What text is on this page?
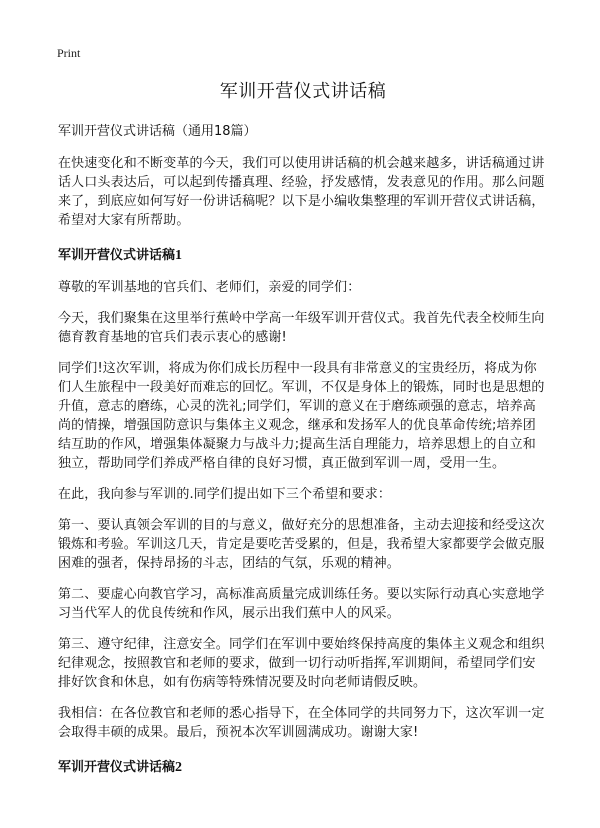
Print
军训开营仪式讲话稿
军训开营仪式讲话稿（通用18篇）

在快速变化和不断变革的今天，我们可以使用讲话稿的机会越来越多，讲话稿通过讲话人口头表达后，可以起到传播真理、经验，抒发感情，发表意见的作用。那么问题来了，到底应如何写好一份讲话稿呢？以下是小编收集整理的军训开营仪式讲话稿，希望对大家有所帮助。

军训开营仪式讲话稿1

尊敬的军训基地的官兵们、老师们，亲爱的同学们：

今天，我们聚集在这里举行蕉岭中学高一年级军训开营仪式。我首先代表全校师生向德育教育基地的官兵们表示衷心的感谢!

同学们!这次军训，将成为你们成长历程中一段具有非常意义的宝贵经历，将成为你们人生旅程中一段美好而难忘的回忆。军训，不仅是身体上的锻炼，同时也是思想的升值，意志的磨练，心灵的洗礼;同学们，军训的意义在于磨练顽强的意志，培养高尚的情操，增强国防意识与集体主义观念，继承和发扬军人的优良革命传统;培养团结互助的作风，增强集体凝聚力与战斗力;提高生活自理能力，培养思想上的自立和独立，帮助同学们养成严格自律的良好习惯，真正做到军训一周，受用一生。

在此，我向参与军训的.同学们提出如下三个希望和要求：

第一、要认真领会军训的目的与意义，做好充分的思想准备，主动去迎接和经受这次锻炼和考验。军训这几天，肯定是要吃苦受累的，但是，我希望大家都要学会做克服困难的强者，保持昂扬的斗志，团结的气氛，乐观的精神。

第二、要虚心向教官学习，高标准高质量完成训练任务。要以实际行动真心实意地学习当代军人的优良传统和作风，展示出我们蕉中人的风采。

第三、遵守纪律，注意安全。同学们在军训中要始终保持高度的集体主义观念和组织纪律观念，按照教官和老师的要求，做到一切行动听指挥,军训期间，希望同学们安排好饮食和休息，如有伤病等特殊情况要及时向老师请假反映。

我相信：在各位教官和老师的悉心指导下，在全体同学的共同努力下，这次军训一定会取得丰硕的成果。最后，预祝本次军训圆满成功。谢谢大家!

军训开营仪式讲话稿2
